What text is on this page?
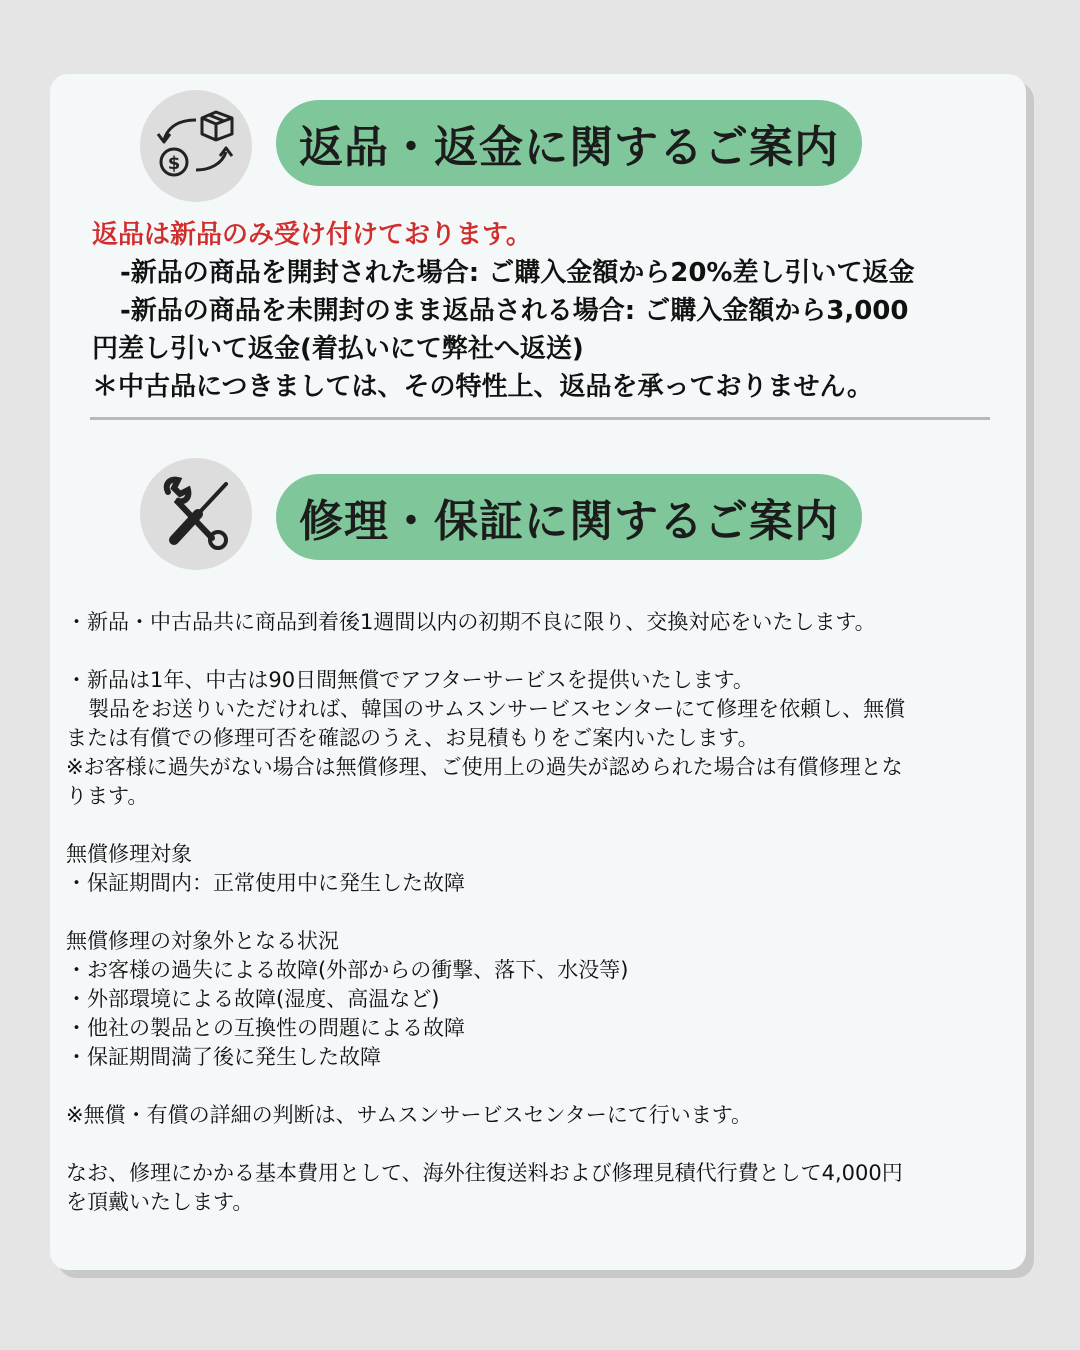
$	返品・返金に関するご案内
返品は新品のみ受け付けております。
-新品の商品を開封された場合: ご購入金額から20%差し引いて返金
-新品の商品を未開封のまま返品される場合: ご購入金額から3,000
円差し引いて返金(着払いにて弊社へ返送)
＊中古品につきましては、その特性上、返品を承っておりません。
修理・保証に関するご案内
・新品・中古品共に商品到着後1週間以内の初期不良に限り、交換対応をいたします。
・新品は1年、中古は90日間無償でアフターサービスを提供いたします。
製品をお送りいただければ、韓国のサムスンサービスセンターにて修理を依頼し、無償
または有償での修理可否を確認のうえ、お見積もりをご案内いたします。
※お客様に過失がない場合は無償修理、ご使用上の過失が認められた場合は有償修理とな
ります。
無償修理対象
・保証期間内：正常使用中に発生した故障
無償修理の対象外となる状況
・お客様の過失による故障(外部からの衝撃、落下、水没等)
・外部環境による故障(湿度、高温など)
・他社の製品との互換性の問題による故障
・保証期間満了後に発生した故障
※無償・有償の詳細の判断は、サムスンサービスセンターにて行います。
なお、修理にかかる基本費用として、海外往復送料および修理見積代行費として4,000円
を頂戴いたします。
